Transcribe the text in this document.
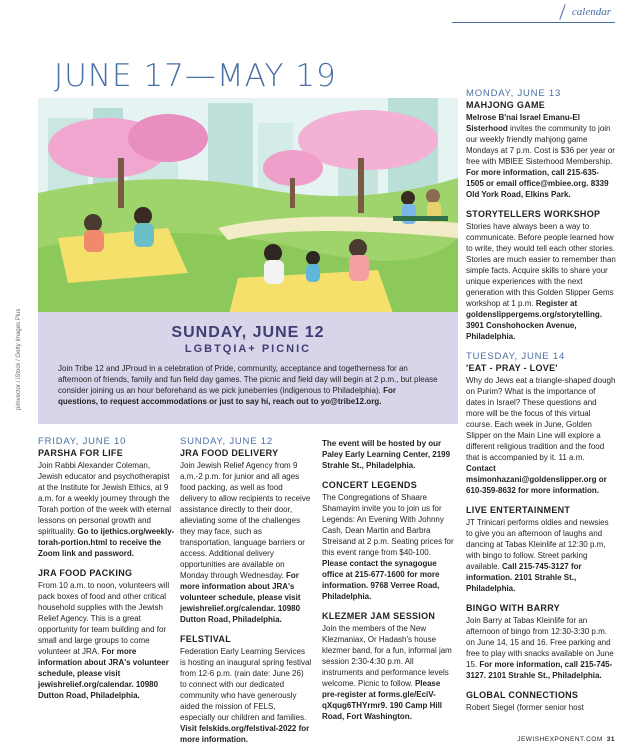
calendar
JUNE 17—MAY 19
pimvector / iStock / Getty Images Plus	SUNDAY, JUNE 12
LGBTQIA+ PICNIC

Join Tribe 12 and JProud in a celebration of Pride, community, acceptance and togetherness for an afternoon of friends, family and fun field day games. The picnic and field day will begin at 2 p.m., but please consider joining us an hour beforehand as we pick juneberries (indigenous to Philadelphia). For questions, to request accommodations or just to say hi, reach out to yo@tribe12.org.

FRIDAY, JUNE 10
PARSHA FOR LIFE

Join Rabbi Alexander Coleman, Jewish educator and psychotherapist at the Institute for Jewish Ethics, at 9 a.m. for a weekly journey through the Torah portion of the week with eternal lessons on personal growth and spirituality. Go to ijethics.org/weekly-torah-portion.html to receive the Zoom link and password.

JRA FOOD PACKING

From 10 a.m. to noon, volunteers will pack boxes of food and other critical household supplies with the Jewish Relief Agency. This is a great opportunity for team building and for small and large groups to come volunteer at JRA. For more information about JRA's volunteer schedule, please visit jewishrelief.org/calendar. 10980 Dutton Road, Philadelphia.

SUNDAY, JUNE 12
JRA FOOD DELIVERY

Join Jewish Relief Agency from 9 a.m.-2 p.m. for junior and all ages food packing, as well as food delivery to allow recipients to receive assistance directly to their door, alleviating some of the challenges they may face, such as transportation, language barriers or access. Additional delivery opportunities are available on Monday through Wednesday. For more information about JRA's volunteer schedule, please visit jewishrelief.org/calendar. 10980 Dutton Road, Philadelphia.

FELSTIVAL

Federation Early Learning Services is hosting an inaugural spring festival from 12-6 p.m. (rain date: June 26) to connect with our dedicated community who have generously aided the mission of FELS, especially our children and families. Visit felskids.org/felstival-2022 for more information.

The event will be hosted by our Paley Early Learning Center, 2199 Strahle St., Philadelphia.

CONCERT LEGENDS

The Congregations of Shaare Shamayim invite you to join us for Legends: An Evening With Johnny Cash, Dean Martin and Barbra Streisand at 2 p.m. Seating prices for this event range from $40-100. Please contact the synagogue office at 215-677-1600 for more information. 9768 Verree Road, Philadelphia.

KLEZMER JAM SESSION

Join the members of the New Klezmaniax, Or Hadash's house klezmer band, for a fun, informal jam session 2:30-4:30 p.m. All instruments and performance levels welcome. Picnic to follow. Please pre-register at forms.gle/EciV-qXqug6THYrmr9. 190 Camp Hill Road, Fort Washington.

MONDAY, JUNE 13
MAHJONG GAME

Melrose B'nai Israel Emanu-El Sisterhood invites the community to join our weekly friendly mahjong game Mondays at 7 p.m. Cost is $36 per year or free with MBIEE Sisterhood Membership. For more information, call 215-635-1505 or email office@mbiee.org. 8339 Old York Road, Elkins Park.

STORYTELLERS WORKSHOP

Stories have always been a way to communicate. Before people learned how to write, they would tell each other stories. Stories are much easier to remember than simple facts. Acquire skills to share your unique experiences with the next generation with this Golden Slipper Gems workshop at 1 p.m. Register at goldenslippergems.org/storytelling. 3901 Conshohocken Avenue, Philadelphia.

TUESDAY, JUNE 14
'EAT - PRAY - LOVE'

Why do Jews eat a triangle-shaped dough on Purim? What is the importance of dates in Israel? These questions and more will be the focus of this virtual course. Each week in June, Golden Slipper on the Main Line will explore a different religious tradition and the food that is accompanied by it. 11 a.m. Contact msimonhazani@goldenslipper.org or 610-359-8632 for more information.

LIVE ENTERTAINMENT

JT Trinicari performs oldies and newsies to give you an afternoon of laughs and dancing at Tabas Kleinlife at 12:30 p.m, with bingo to follow. Street parking available. Call 215-745-3127 for information. 2101 Strahle St., Philadelphia.

BINGO WITH BARRY

Join Barry at Tabas Kleinlife for an afternoon of bingo from 12:30-3:30 p.m. on June 14, 15 and 16. Free parking and free to play with snacks available on June 15. For more information, call 215-745-3127. 2101 Strahle St., Philadelphia.

GLOBAL CONNECTIONS

Robert Siegel (former senior host

JEWISHEXPONENT.COM 31
